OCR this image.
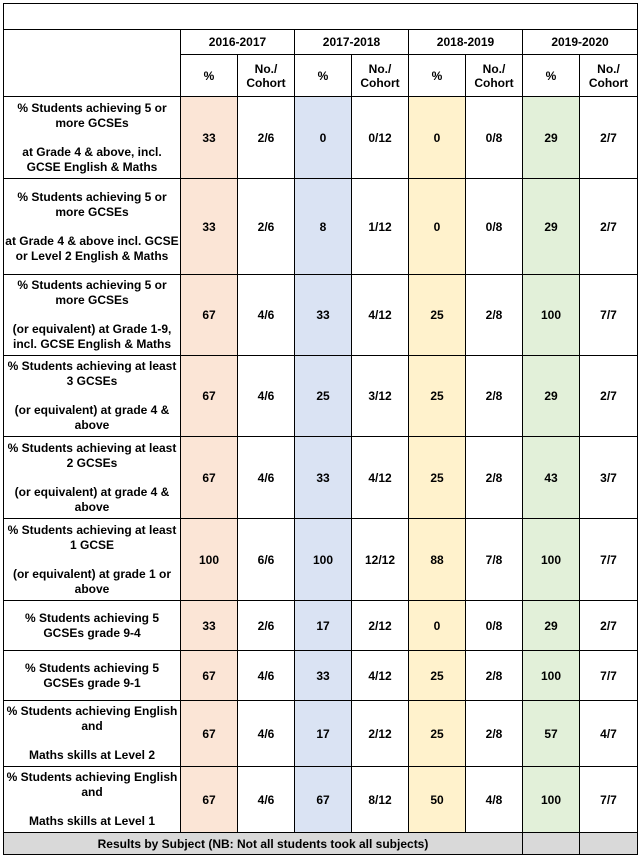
	2016-2017		2017-2018		2018-2019		2019-2020	
	%	No./ Cohort	%	No./ Cohort	%	No./ Cohort	%	No./ Cohort

% Students achieving 5 or more GCSEs
at Grade 4 & above, incl. GCSE English & Maths	33	2/6	0	0/12	0	0/8	29	2/7

% Students achieving 5 or more GCSEs
at Grade 4 & above incl. GCSE or Level 2 English & Maths	33	2/6	8	1/12	0	0/8	29	2/7

% Students achieving 5 or more GCSEs
(or equivalent) at Grade 1-9, incl. GCSE English & Maths	67	4/6	33	4/12	25	2/8	100	7/7

% Students achieving at least 3 GCSEs
(or equivalent) at grade 4 & above	67	4/6	25	3/12	25	2/8	29	2/7

% Students achieving at least 2 GCSEs
(or equivalent) at grade 4 & above	67	4/6	33	4/12	25	2/8	43	3/7

% Students achieving at least 1 GCSE
(or equivalent) at grade 1 or above	100	6/6	100	12/12	88	7/8	100	7/7
% Students achieving 5 GCSEs grade 9-4	33	2/6	17	2/12	0	0/8	29	2/7
% Students achieving 5 GCSEs grade 9-1	67	4/6	33	4/12	25	2/8	100	7/7

% Students achieving English and
Maths skills at Level 2	67	4/6	17	2/12	25	2/8	57	4/7

% Students achieving English and
Maths skills at Level 1	67	4/6	67	8/12	50	4/8	100	7/7
Results by Subject (NB: Not all students took all subjects)								
